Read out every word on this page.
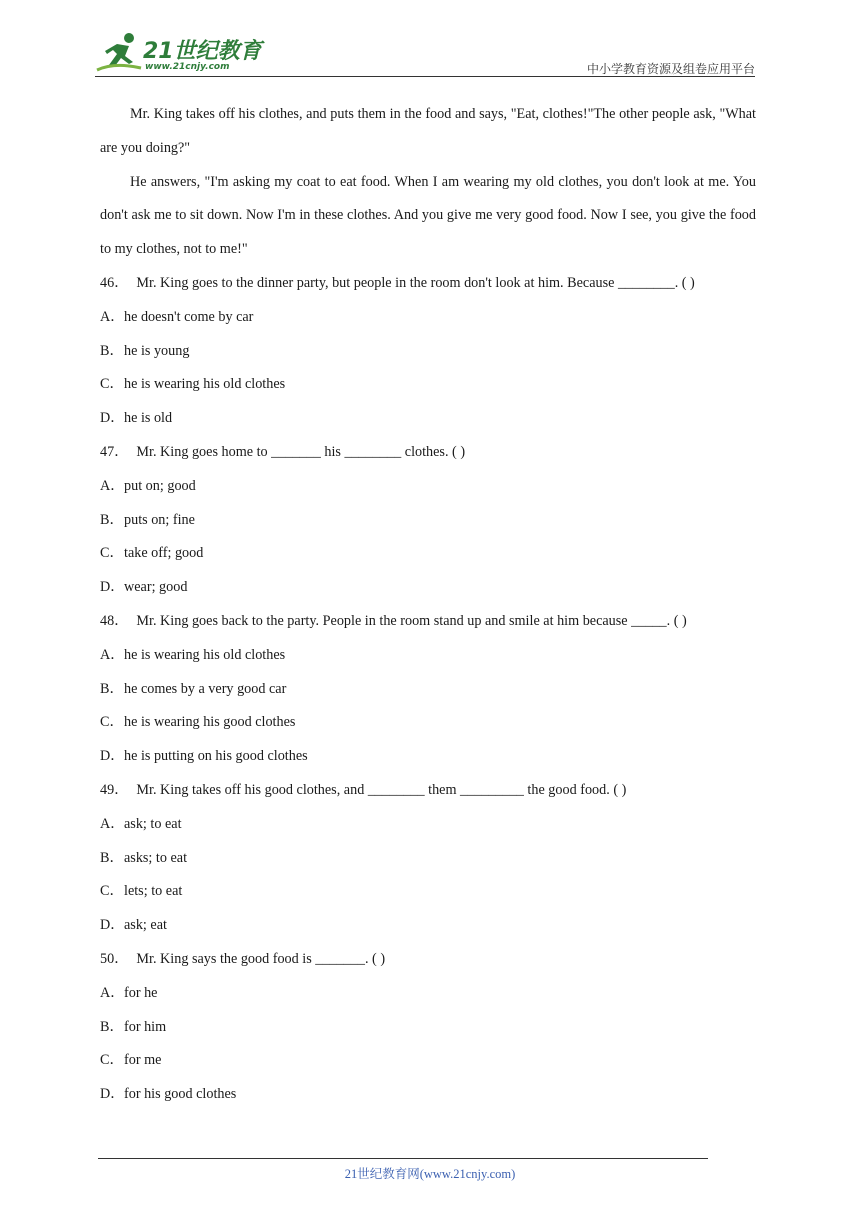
21世纪教育
www.21cnjy.com	中小学教育资源及组卷应用平台

Mr. King takes off his clothes, and puts them in the food and says, "Eat, clothes!"The other people ask, "What are you doing?"

He answers, "I'm asking my coat to eat food. When I am wearing my old clothes, you don't look at me. You don't ask me to sit down. Now I'm in these clothes. And you give me very good food. Now I see, you give the food to my clothes, not to me!"

46． Mr. King goes to the dinner party, but people in the room don't look at him. Because ________. ( )

A．he doesn't come by car

B．he is young

C．he is wearing his old clothes

D．he is old

47． Mr. King goes home to _______ his ________ clothes. ( )

A．put on; good

B．puts on; fine

C．take off; good

D．wear; good

48． Mr. King goes back to the party. People in the room stand up and smile at him because _____. ( )

A．he is wearing his old clothes

B．he comes by a very good car

C．he is wearing his good clothes

D．he is putting on his good clothes

49． Mr. King takes off his good clothes, and ________ them _________ the good food. ( )

A．ask; to eat

B．asks; to eat

C．lets; to eat

D．ask; eat

50． Mr. King says the good food is _______. ( )

A．for he

B．for him

C．for me

D．for his good clothes

21世纪教育网(www.21cnjy.com)
